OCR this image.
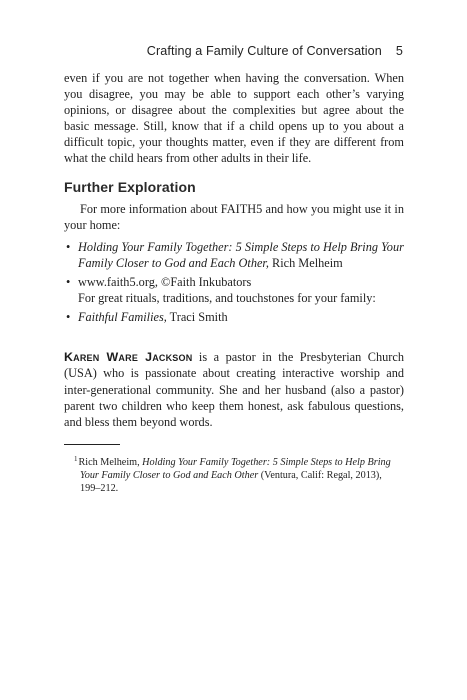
Crafting a Family Culture of Conversation 5

even if you are not together when having the conversation. When you disagree, you may be able to support each other’s varying opinions, or disagree about the complexities but agree about the basic message. Still, know that if a child opens up to you about a difficult topic, your thoughts matter, even if they are different from what the child hears from other adults in their life.

Further Exploration

For more information about FAITH5 and how you might use it in your home:

• Holding Your Family Together: 5 Simple Steps to Help Bring Your Family Closer to God and Each Other, Rich Melheim
• www.faith5.org, ©Faith Inkubators
For great rituals, traditions, and touchstones for your family:
• Faithful Families, Traci Smith

Karen Ware Jackson is a pastor in the Presbyterian Church (USA) who is passionate about creating interactive worship and inter-generational community. She and her husband (also a pastor) parent two children who keep them honest, ask fabulous questions, and bless them beyond words.

$^1$Rich Melheim, Holding Your Family Together: 5 Simple Steps to Help Bring Your Family Closer to God and Each Other (Ventura, Calif: Regal, 2013), 199–212.
